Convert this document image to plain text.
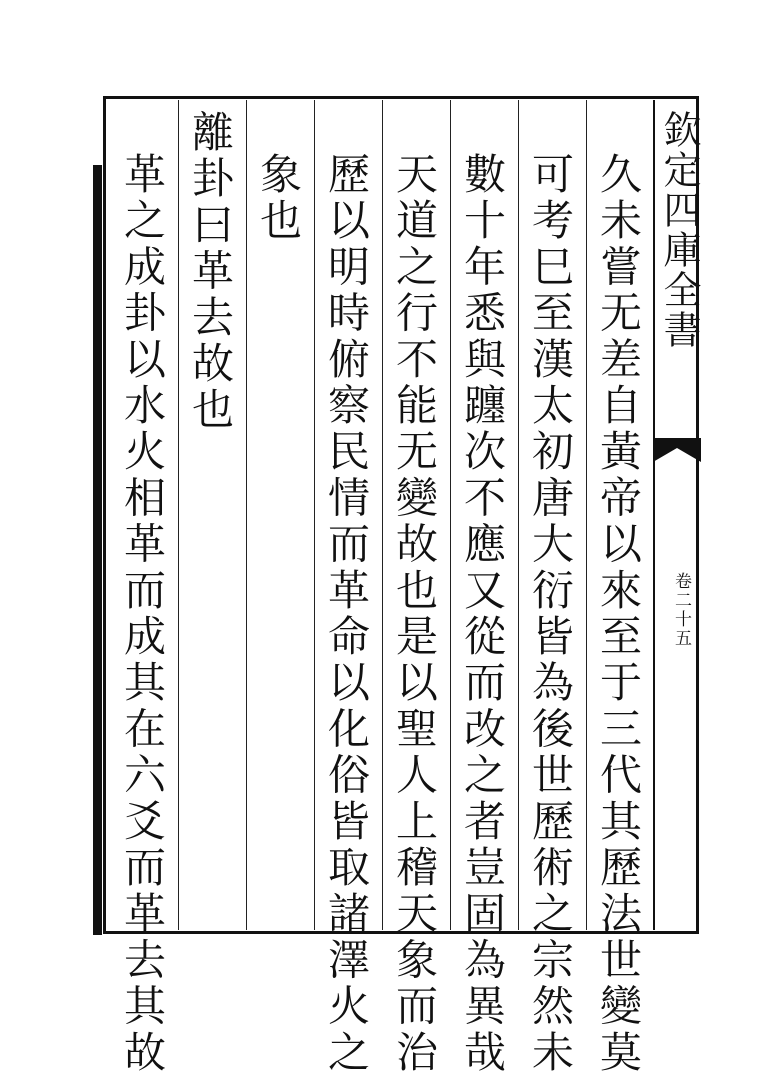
欽定四庫全書
卷二十五
久未嘗无差自黃帝以來至于三代其歷法世變莫
可考巳至漢太初唐大衍皆為後世歷術之宗然未
數十年悉與躔次不應又從而改之者豈固為異哉
天道之行不能无變故也是以聖人上稽天象而治
歷以明時俯察民情而革命以化俗皆取諸澤火之
象也
離卦曰革去故也
革之成卦以水火相革而成其在六爻而革去其故
